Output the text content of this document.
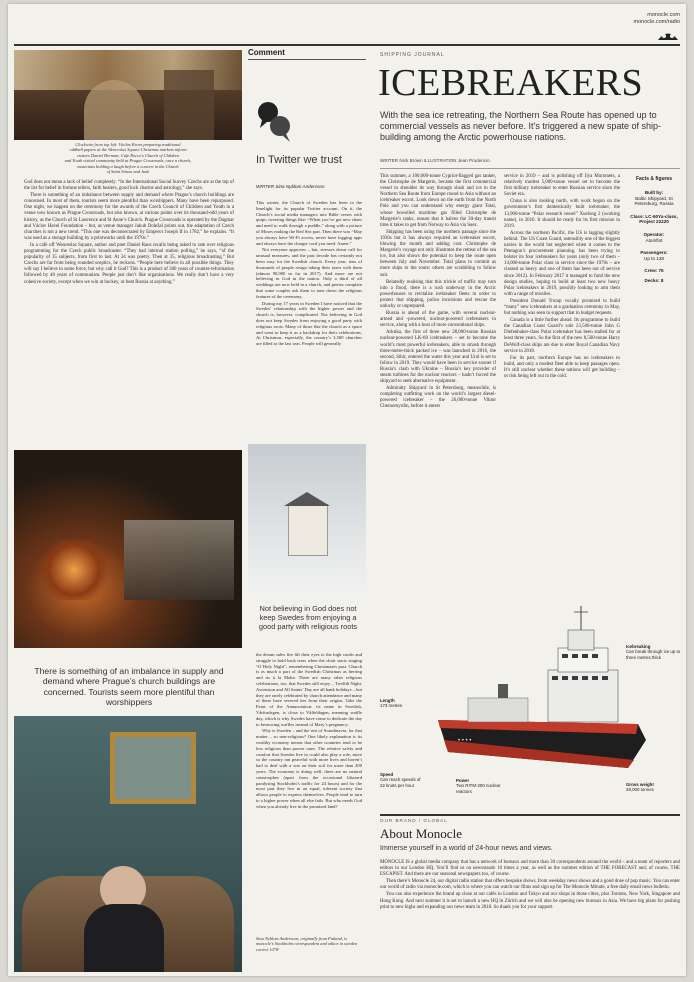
monocle.com
monocle.com/radio
Clockwise from top left: Václav Kroes preparing traditional
oddball papers at the Wenceslas Square Christmas markets inform
visitors Daniel Herman; Cafe Rocco's Church of Children
and Youth visited community held at Prague Crossroads, once a church,
musicians holding a laugh before a concert in the Church
of Saint Simon and Jude

God does not mean a lack of belief completely. “In the International Social Survey Czechs are at the top of the list for belief in fortune tellers, faith healers, good luck charms and astrology,” she says.

There is something of an imbalance between supply and demand where Prague’s church buildings are concerned. In most of them, tourists seem more plentiful than worshippers. Many have been repurposed. One night, we happen on the ceremony for the awards of the Czech Council of Children and Youth in a venue now known as Prague Crossroads, but also known, at various points over its thousand-odd years of history, as the Church of St Lawrence and St Anne’s Church. Prague Crossroads is operated by the Dagmar and Václav Havel Foundation – but, as venue manager Jakub Doležal points out, the adaptation of Czech churches is not a new trend. “This one was deconsecrated by Emperor Joseph II in 1782,” he explains. “It was used as a storage building by a printworks until the 1970s.”

In a café off Wenceslas Square, author and poet Daniel Raus recalls being asked to rate over religious programming for the Czech public broadcaster. “They had internal station polling,” he says, “of the popularity of 35 subjects, from first to last. At 34 was poetry. Then at 35, religious broadcasting.” But Czechs are far from being rounded sceptics, he reckons. “People here believe in all possible things. They will say I believe in some force, but why call it God? This is a product of 300 years of counter-reformation followed by 40 years of communism. People just don’t like organisations. We really don’t have a very cohesive society, except when we win at hockey, or beat Russia at anything.”

There is something of an imbalance in supply and demand where Prague’s church buildings are concerned. Tourists seem more plentiful than worshippers
Comment
In Twitter we trust
WRITER Sina Nyblom Andersson

This winter, the Church of Sweden has been in the limelight for its popular Twitter account. On it, the Church’s social media managers mix Bible verses with quips, tweeting things like: “When you’ve got new shoes and need to walk through a puddle,” along with a picture of Moses making the Red Sea part. Then there was “May you always have Wi-Fi access, never have logging apps and always have the charger cord you need. Amen.”

Not everyone approves – but, stresses down call for unusual measures, and the past decade has certainly not been easy for the Swedish church. Every year, tens of thousands of people resign taking their taxes with them (almost 90,000 so far in 2017). And more are not believing in God in the nation. Only a third of all weddings are now held in a church, and priests complain that some couples ask them to tone down the religious features of the ceremony.

During my 17 years in Sweden I have noticed that the Swedes’ relationship with the higher power and the church is, however, complicated. Not believing in God does not keep Swedes from enjoying a good party with religious roots. Many of those like the church as a space and want to keep it as a backdrop for their celebrations. At Christmas, especially, the country’s 3,500 churches are filled to the last seat. People will generally

Not believing in God does not keep Swedes from enjoying a good party with religious roots

the dream sales fire lift their eyes to the high vaults and struggle to hold back tears when the choir starts singing “O Holy Night”, remembering Christmases past. Church is as much a part of the Swedish Christmas as herring and ris à la Malta. There are many other religious celebrations, too, that Swedes still enjoy – Twelfth Night, Ascension and All Saints’ Day are all bank holidays – but they are rarely celebrated by church attendance and many of these have severed ties from their origins. Take the Feast of the Annunciation: its name in Swedish, Vårfrudagen, is close to Våffeldagen, meaning waffle day, which is why Swedes have come to dedicate the day to bestowing waffles instead of Mary’s pregnancy.

Why is Sweden – and the rest of Scandinavia, for that matter – so non-religious? One likely explanation is its wealthy economy means that other countries tend to be less religious than poorer ones. The relative safety and comfort that Swedes live in could also play a role, more so the country ran peaceful with more lives and haven’t had to deal with a war on their soil for more than 200 years. The economy is doing well, there are no natural catastrophes (apart from the occasional blizzard paralysing Stockholm’s traffic for 24 hours) and for the most part they live in an equal, tolerant society that allows people to express themselves. People tend to turn to a higher power when all else fails. But who needs God when you already live in the promised land?

Sina Nyblom Andersson, originally from Finland, is monocle’s Stockholm correspondent and editor in sweden correct GTW
SHIPPING JOURNAL
ICEBREAKERS
With the sea ice retreating, the Northern Sea Route has opened up to commercial vessels as never before. It’s triggered a new spate of ship-building among the Arctic powerhouse nations.
WRITER Nick Brown ILLUSTRATION Jean Prudencio

This summer, a 100,000-tonne Cypriot-flagged gas tanker, the Christophe de Margerie, became the first commercial vessel to shoulder its way through slush and ice in the Northern Sea Route from Europe round to Asia without an icebreaker escort. Look down on the earth from the North Pole and you can understand why energy giant Total, whose bowelled maritime gas filled Christophe de Margerie’s tanks, reason that it halves the 30-day transit time it takes to get from Norway to Asia via Suez.

Shipping has been using the northern passage since the 1930s but it has always required an icebreaker escort, blowing the month and adding cost. Christophe de Margerie’s voyage not only illustrates the retreat of the sea ice, but also shows the potential to keep the route open between July and November. Total plans to commit as more ships to the route; others are scrabbling to follow suit.

Belatedly realising that this trickle of traffic may turn into a flood, there is a rush underway in the Arctic powerhouses to revitalise icebreaker fleets in order to protect that shipping, police incursions and rescue the unlucky or unprepared.

Russia is ahead of the game, with several nuclear-armed and -powered, nuclear-powered icebreakers in service, along with a host of more conventional ships.

Arktika, the first of three new 28,000-tonne Russian nuclear-powered LK-60 icebreakers – set to become the world’s most powerful icebreakers, able to smash through three-metre-thick packed ice – was launched in 2016, the second, Sibir, entered the water this year and Ural is set to follow in 2019. They would have been in service sooner if Russia’s clash with Ukraine – Russia’s key provider of steam turbines for the nuclear reactors – hadn’t forced the shipyard to seek alternative equipment.

Admiralty Shipyard in St Petersburg, meanwhile, is completing outfitting work on the world’s largest diesel-powered icebreaker – the 26,000-tonne Viktor Chernomyrdin, before it enters

service in 2019 – and is polishing off Ilya Muromets, a relatively modest 5,000-tonne vessel set to become the first military icebreaker to enter Russian service since the Soviet era.

China is also looking north, with work begun on the government’s first domestically built icebreaker, the 13,900-tonne “Polar research vessel” Xuelong 2 (working name), in 2016. It should be ready for its first mission in 2019.

Across the northern Pacific, the US is lagging slightly behind. The US Coast Guard, ostensibly one of the biggest navies in the world but neglected when it comes to the Pentagon’s procurement planning, has been trying to bolster its four icebreakers for years (only two of them – 14,000-tonne Polar class in service since the 1970s – are classed as heavy and one of them has been out of service since 2012). In February 2017 it managed to fund the new design studies, hoping to build at least two new heavy Polar icebreakers in 2019, possibly looking to arm them with a range of missiles.

President Donald Trump vocally promised to build “many” new icebreakers at a graduation ceremony in May, but nothing was seen to support that in budget requests.

Canada is a little further ahead. Its programme to build the Canadian Coast Guard’s sole 23,500-tonne John G Diefenbaker-class Polar icebreaker has been stalled for at least three years. So the first of the new 8,500-tonne Harry DeWolf-class ships are due to enter Royal Canadian Navy service in 2018.

For its part, northern Europe has no icebreakers to build, and only a modest fleet able to keep passages open. It’s still unclear whether these nations will get building – or risk being left out in the cold.

Facts & figures
Built by:
Baltic Shipyard, St Petersburg, Russia
Class: LC-60Ya-class, Project 22220
Operator:
Atomflot
Passengers:
Up to 128
Crew: 75
Decks: 8
• • • •
Icebreaking
Can break through ice up to three metres thick
Length
173 metres
Speed
Can reach speeds of 22 knots per hour
Power
Two RITM-200 nuclear reactors
Gross weight
28,000 tonnes
OUR BRAND / GLOBAL
About Monocle
Immerse yourself in a world of 24-hour news and views.

MONOCLE IS a global media company that has a network of bureaux and more than 30 correspondents around the world – and a team of reporters and editors in our London HQ. You’ll find us on newsstands 10 times a year, as well as the summer edition of THE FORECAST and, of course, THE ESCAPIST. And there are our seasonal newspapers too, of course.

Then there’s Monocle 24, our digital radio station that offers bespoke shows, from weekday news shows and a good dose of pop music. You can enter our world of radio via monocle.com, which is where you can watch our films and sign up for The Monocle Minute, a free daily email news bulletin.

You can also experience the brand up close at our cafés in London and Tokyo and our shops in those cities, plus Toronto, New York, Singapore and Hong Kong. And next summer it is set to launch a new HQ in Zürich and we will also be opening new bureaux in Asia. We have big plans for pushing print to new highs and expanding our news team in 2018. So thank you for your support.
